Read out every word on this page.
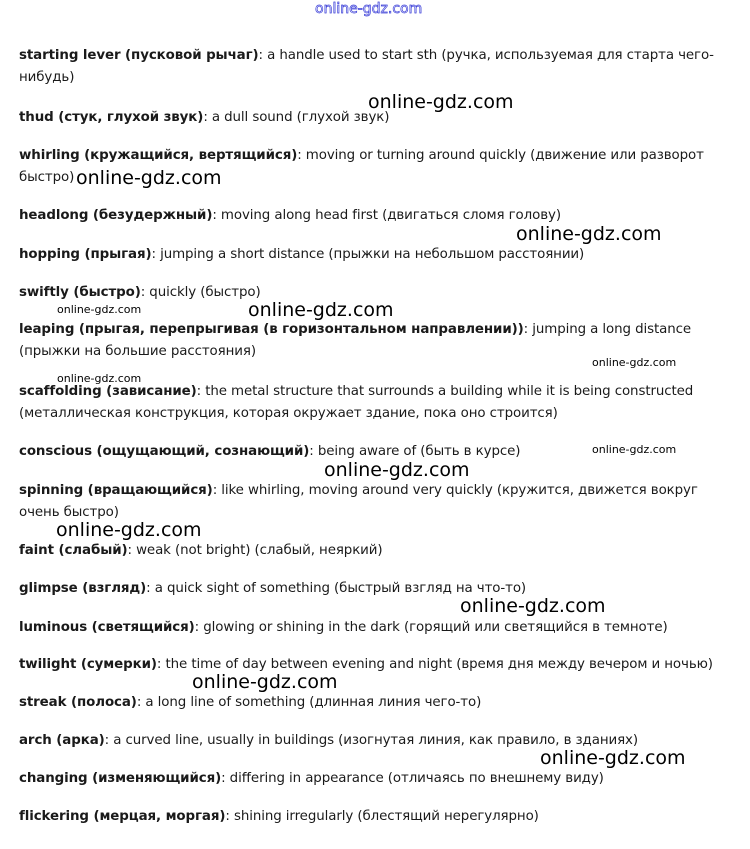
online-gdz.com
starting lever (пусковой рычаг): a handle used to start sth (ручка, используемая для старта чего-нибудь)
thud (стук, глухой звук): a dull sound (глухой звук)
whirling (кружащийся, вертящийся): moving or turning around quickly (движение или разворот быстро)
headlong (безудержный): moving along head first (двигаться сломя голову)
hopping (прыгая): jumping a short distance (прыжки на небольшом расстоянии)
swiftly (быстро): quickly (быстро)
leaping (прыгая, перепрыгивая (в горизонтальном направлении)): jumping a long distance (прыжки на большие расстояния)
scaffolding (зависание): the metal structure that surrounds a building while it is being constructed (металлическая конструкция, которая окружает здание, пока оно строится)
conscious (ощущающий, сознающий): being aware of (быть в курсе)
spinning (вращающийся): like whirling, moving around very quickly (кружится, движется вокруг очень быстро)
faint (слабый): weak (not bright) (слабый, неяркий)
glimpse (взгляд): a quick sight of something (быстрый взгляд на что-то)
luminous (светящийся): glowing or shining in the dark (горящий или светящийся в темноте)
twilight (сумерки): the time of day between evening and night (время дня между вечером и ночью)
streak (полоса): a long line of something (длинная линия чего-то)
arch (арка): a curved line, usually in buildings (изогнутая линия, как правило, в зданиях)
changing (изменяющийся): differing in appearance (отличаясь по внешнему виду)
flickering (мерцая, моргая): shining irregularly (блестящий нерегулярно)
online-gdz.com
online-gdz.com
online-gdz.com
online-gdz.com
online-gdz.com
online-gdz.com
online-gdz.com
online-gdz.com
online-gdz.com
online-gdz.com
online-gdz.com
online-gdz.com
online-gdz.com
